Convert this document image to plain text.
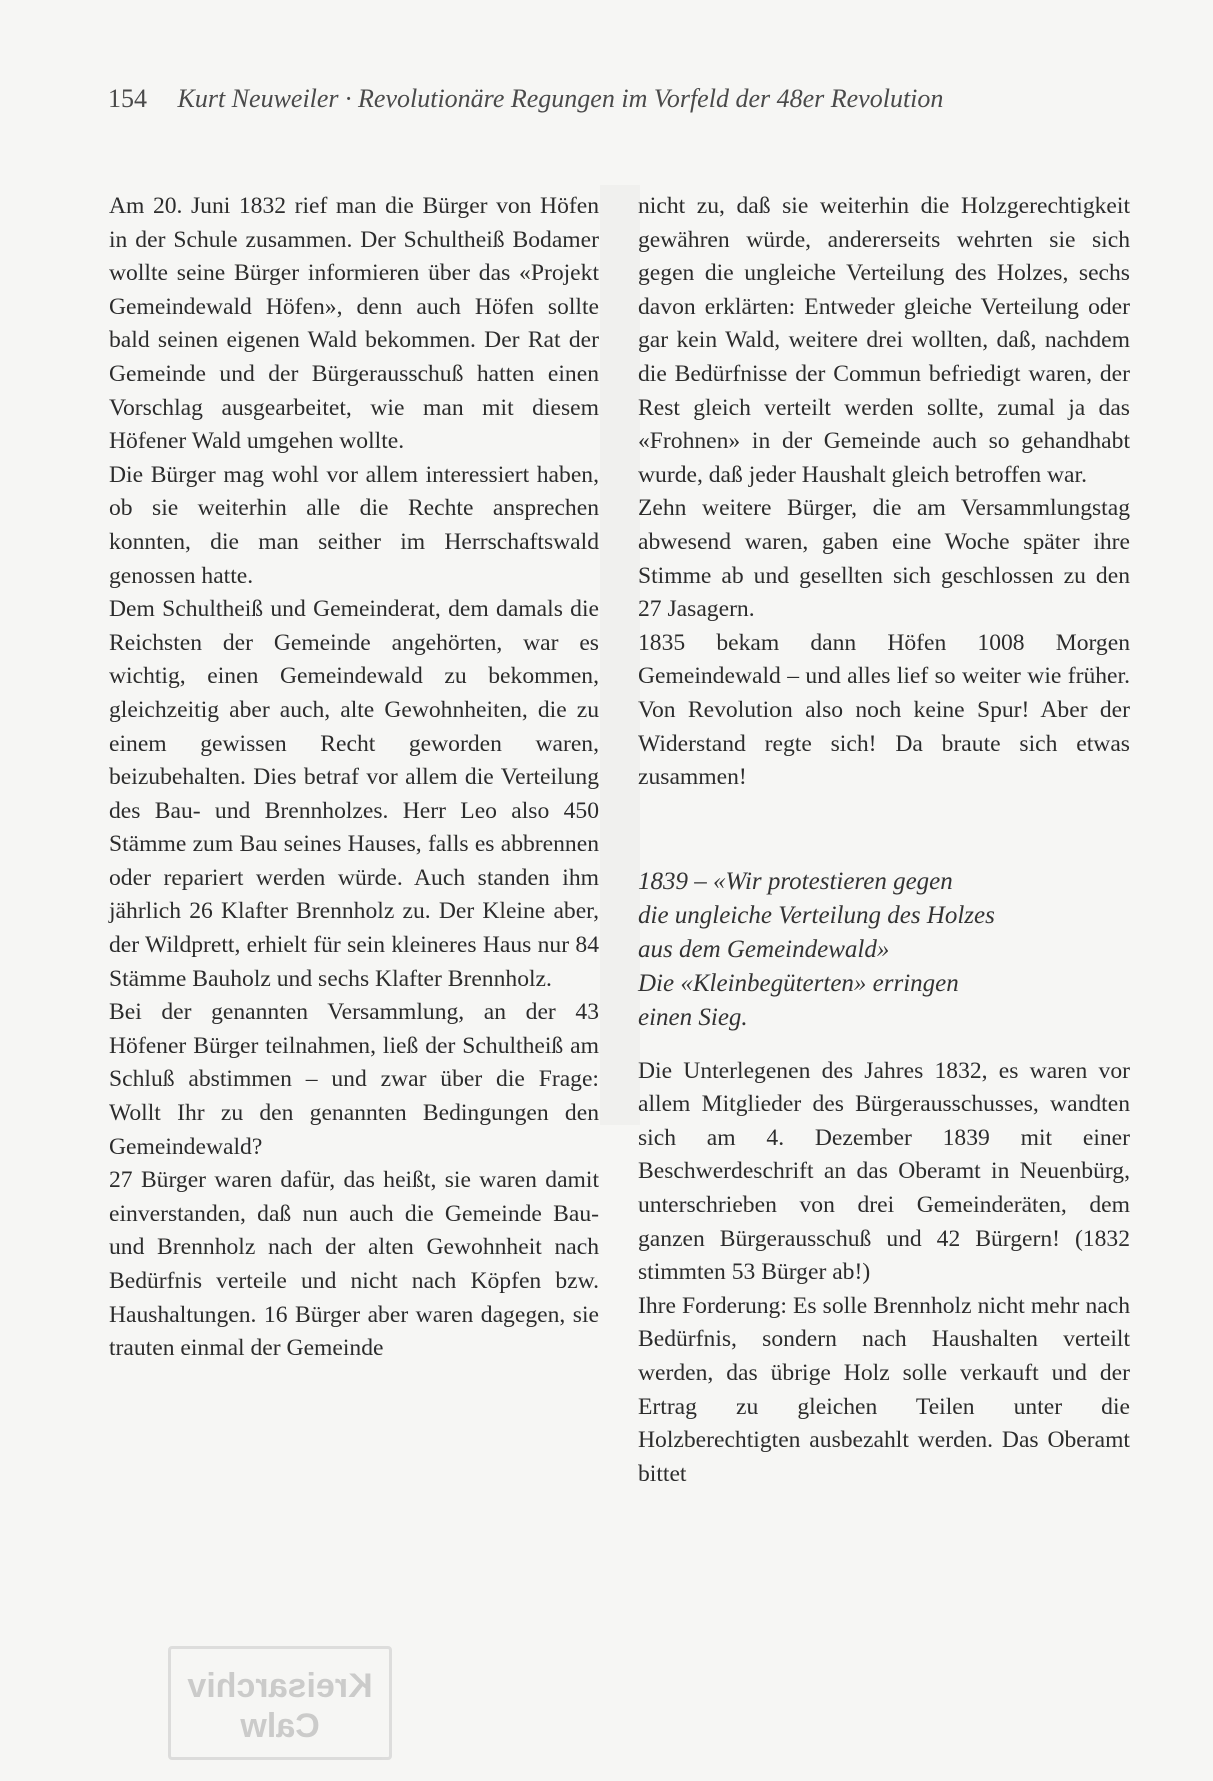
154 Kurt Neuweiler · Revolutionäre Regungen im Vorfeld der 48er Revolution

Am 20. Juni 1832 rief man die Bürger von Höfen in der Schule zusammen. Der Schultheiß Bodamer wollte seine Bürger informieren über das «Projekt Gemeindewald Höfen», denn auch Höfen sollte bald seinen eigenen Wald bekommen. Der Rat der Gemeinde und der Bürgerausschuß hatten einen Vorschlag ausgearbeitet, wie man mit diesem Höfener Wald umgehen wollte.

Die Bürger mag wohl vor allem interessiert haben, ob sie weiterhin alle die Rechte ansprechen konnten, die man seither im Herrschaftswald genossen hatte.

Dem Schultheiß und Gemeinderat, dem damals die Reichsten der Gemeinde angehörten, war es wichtig, einen Gemeindewald zu bekommen, gleichzeitig aber auch, alte Gewohnheiten, die zu einem gewissen Recht geworden waren, beizubehalten. Dies betraf vor allem die Verteilung des Bau- und Brennholzes. Herr Leo also 450 Stämme zum Bau seines Hauses, falls es abbrennen oder repariert werden würde. Auch standen ihm jährlich 26 Klafter Brennholz zu. Der Kleine aber, der Wildprett, erhielt für sein kleineres Haus nur 84 Stämme Bauholz und sechs Klafter Brennholz.

Bei der genannten Versammlung, an der 43 Höfener Bürger teilnahmen, ließ der Schultheiß am Schluß abstimmen – und zwar über die Frage: Wollt Ihr zu den genannten Bedingungen den Gemeindewald?

27 Bürger waren dafür, das heißt, sie waren damit einverstanden, daß nun auch die Gemeinde Bau- und Brennholz nach der alten Gewohnheit nach Bedürfnis verteile und nicht nach Köpfen bzw. Haushaltungen. 16 Bürger aber waren dagegen, sie trauten einmal der Gemeinde

nicht zu, daß sie weiterhin die Holzgerechtigkeit gewähren würde, andererseits wehrten sie sich gegen die ungleiche Verteilung des Holzes, sechs davon erklärten: Entweder gleiche Verteilung oder gar kein Wald, weitere drei wollten, daß, nachdem die Bedürfnisse der Commun befriedigt waren, der Rest gleich verteilt werden sollte, zumal ja das «Frohnen» in der Gemeinde auch so gehandhabt wurde, daß jeder Haushalt gleich betroffen war.

Zehn weitere Bürger, die am Versammlungstag abwesend waren, gaben eine Woche später ihre Stimme ab und gesellten sich geschlossen zu den 27 Jasagern.

1835 bekam dann Höfen 1008 Morgen Gemeindewald – und alles lief so weiter wie früher. Von Revolution also noch keine Spur! Aber der Widerstand regte sich! Da braute sich etwas zusammen!

1839 – «Wir protestieren gegen
die ungleiche Verteilung des Holzes
aus dem Gemeindewald»
Die «Kleinbegüterten» erringen
einen Sieg.

Die Unterlegenen des Jahres 1832, es waren vor allem Mitglieder des Bürgerausschusses, wandten sich am 4. Dezember 1839 mit einer Beschwerdeschrift an das Oberamt in Neuenbürg, unterschrieben von drei Gemeinderäten, dem ganzen Bürgerausschuß und 42 Bürgern! (1832 stimmten 53 Bürger ab!)

Ihre Forderung: Es solle Brennholz nicht mehr nach Bedürfnis, sondern nach Haushalten verteilt werden, das übrige Holz solle verkauft und der Ertrag zu gleichen Teilen unter die Holzberechtigten ausbezahlt werden. Das Oberamt bittet

Kreisarchiv
Calw
